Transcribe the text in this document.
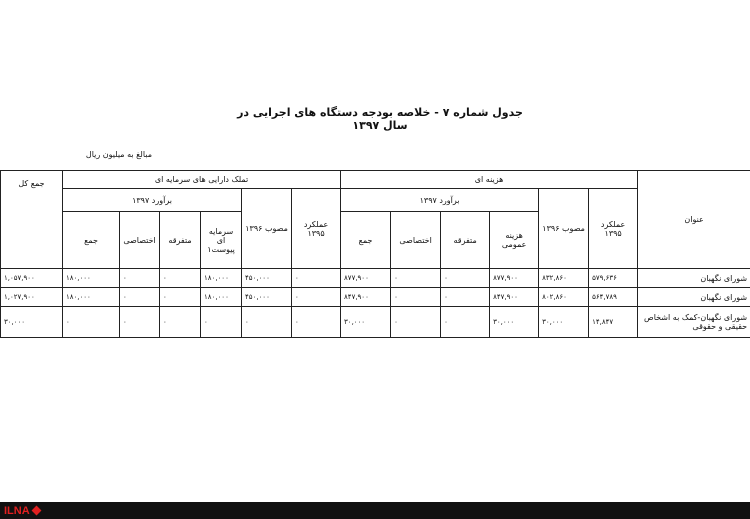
جدول شماره ۷ - خلاصه بودجه دستگاه های اجرایی در سال ۱۳۹۷
مبالغ به میلیون ریال
عنوان	هزینه ای						تملک دارایی های سرمایه ای						جمع کل
	عملکرد ۱۳۹۵	مصوب ۱۳۹۶	برآورد ۱۳۹۷				عملکرد ۱۳۹۵	مصوب ۱۳۹۶	برآورد ۱۳۹۷				
			هزینه عمومی	متفرقه	اختصاصی	جمع			سرمایه ای پیوست۱	متفرقه	اختصاصی	جمع	
شورای نگهبان	۵۷۹,۶۳۶	۸۳۲,۸۶۰	۸۷۷,۹۰۰	۰	۰	۸۷۷,۹۰۰	۰	۴۵۰,۰۰۰	۱۸۰,۰۰۰	۰	۰	۱۸۰,۰۰۰	۱,۰۵۷,۹۰۰
شورای نگهبان	۵۶۴,۷۸۹	۸۰۲,۸۶۰	۸۴۷,۹۰۰	۰	۰	۸۴۷,۹۰۰	۰	۴۵۰,۰۰۰	۱۸۰,۰۰۰	۰	۰	۱۸۰,۰۰۰	۱,۰۲۷,۹۰۰
شورای نگهبان-کمک به اشخاص حقیقی و حقوقی	۱۴,۸۴۷	۳۰,۰۰۰	۳۰,۰۰۰	۰	۰	۳۰,۰۰۰	۰	۰	۰	۰	۰	۰	۳۰,۰۰۰
ILNA
